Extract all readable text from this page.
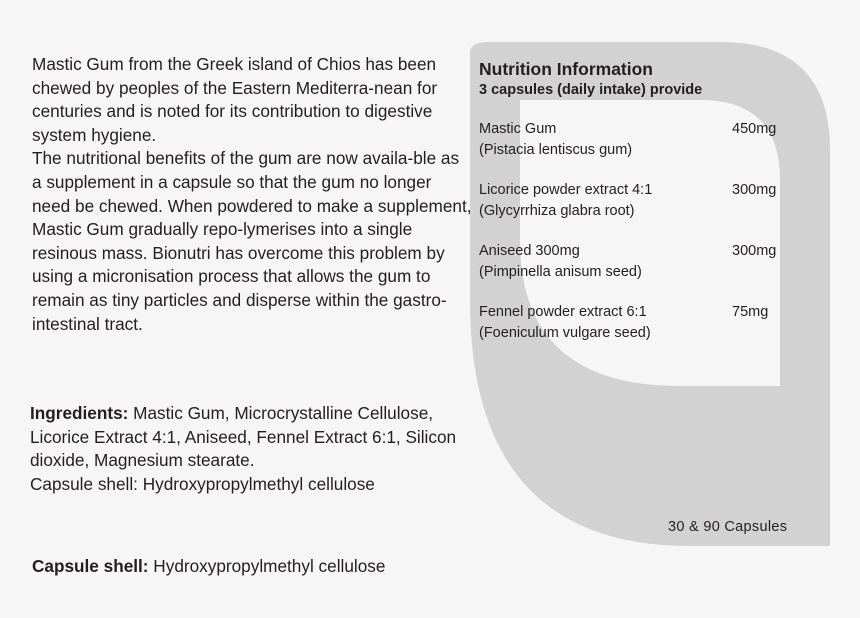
Mastic Gum from the Greek island of Chios has been chewed by peoples of the Eastern Mediterra-nean for centuries and is noted for its contribution to digestive system hygiene.

The nutritional benefits of the gum are now availa-ble as a supplement in a capsule so that the gum no longer need be chewed. When powdered to make a supplement, Mastic Gum gradually repo-lymerises into a single resinous mass. Bionutri has overcome this problem by using a micronisation process that allows the gum to remain as tiny particles and disperse within the gastro-intestinal tract.

Ingredients: Mastic Gum, Microcrystalline Cellulose, Licorice Extract 4:1, Aniseed, Fennel Extract 6:1, Silicon dioxide, Magnesium stearate.

Capsule shell: Hydroxypropylmethyl cellulose

Capsule shell: Hydroxypropylmethyl cellulose

Nutrition Information

3 capsules (daily intake) provide

Mastic Gum
(Pistacia lentiscus gum)
450mg
Licorice powder extract 4:1
(Glycyrrhiza glabra root)
300mg
Aniseed 300mg
(Pimpinella anisum seed)
300mg
Fennel powder extract 6:1
(Foeniculum vulgare seed)
75mg
30 & 90 Capsules
